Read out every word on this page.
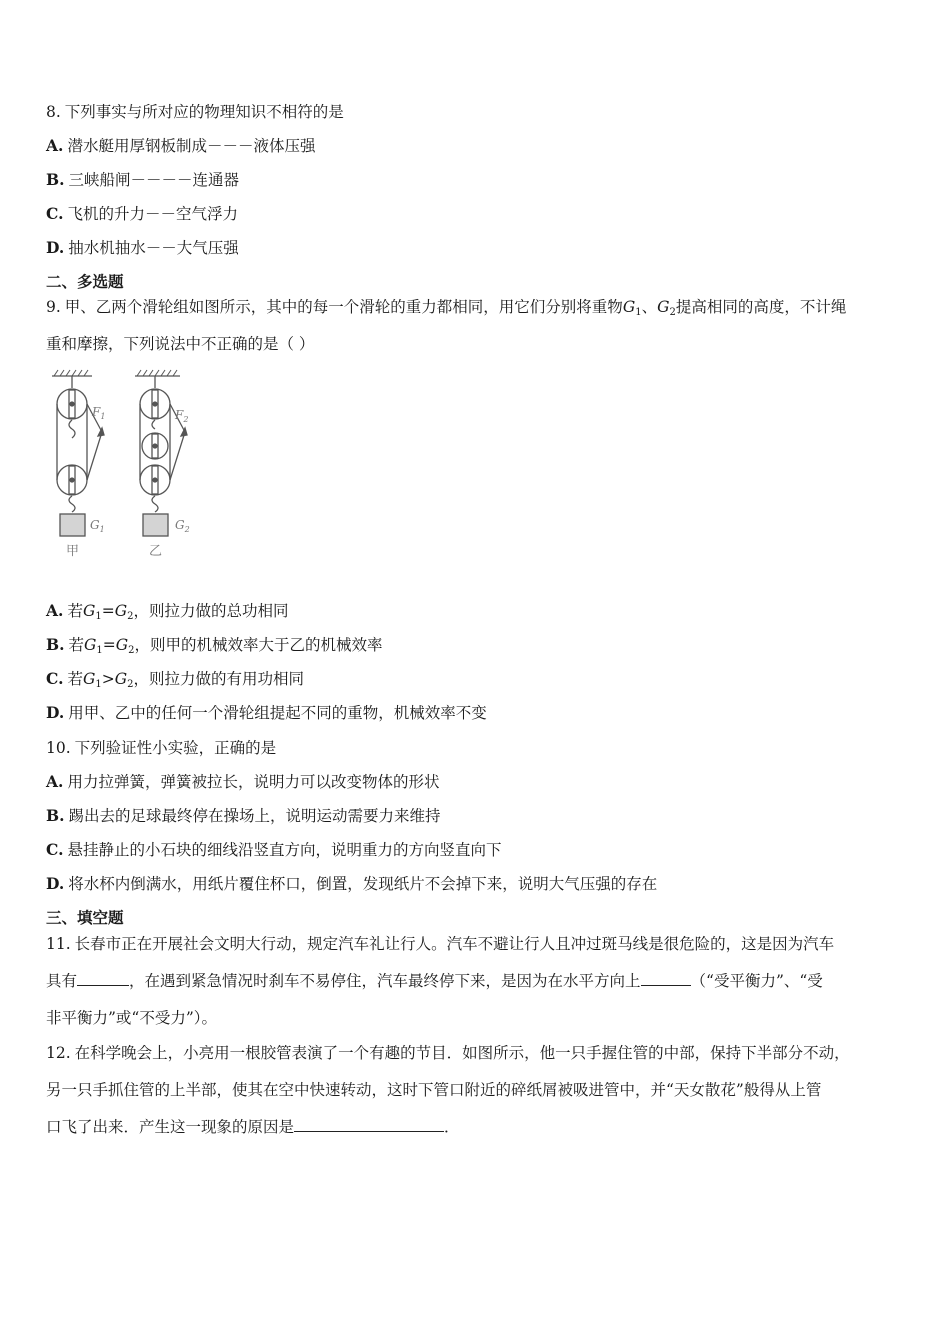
8. 下列事实与所对应的物理知识不相符的是
A. 潜水艇用厚钢板制成－－－液体压强
B. 三峡船闸－－－－连通器
C. 飞机的升力－－空气浮力
D. 抽水机抽水－－大气压强
二、多选题
9. 甲、乙两个滑轮组如图所示，其中的每一个滑轮的重力都相同，用它们分别将重物$G_1$、$G_2$提高相同的高度，不计绳
重和摩擦，下列说法中不正确的是（ ）
$F_1$	$F_2$
$G_1$	$G_2$
甲	乙
A. 若$G_1=G_2$，则拉力做的总功相同
B. 若$G_1=G_2$，则甲的机械效率大于乙的机械效率
C. 若$G_1>G_2$，则拉力做的有用功相同
D. 用甲、乙中的任何一个滑轮组提起不同的重物，机械效率不变
10. 下列验证性小实验，正确的是
A. 用力拉弹簧，弹簧被拉长，说明力可以改变物体的形状
B. 踢出去的足球最终停在操场上，说明运动需要力来维持
C. 悬挂静止的小石块的细线沿竖直方向，说明重力的方向竖直向下
D. 将水杯内倒满水，用纸片覆住杯口，倒置，发现纸片不会掉下来，说明大气压强的存在
三、填空题
11. 长春市正在开展社会文明大行动，规定汽车礼让行人。汽车不避让行人且冲过斑马线是很危险的，这是因为汽车
具有	，在遇到紧急情况时刹车不易停住，汽车最终停下来，是因为在水平方向上	（“受平衡力”、“受
非平衡力”或“不受力”）。
12. 在科学晚会上，小亮用一根胶管表演了一个有趣的节目．如图所示，他一只手握住管的中部，保持下半部分不动，
另一只手抓住管的上半部，使其在空中快速转动，这时下管口附近的碎纸屑被吸进管中，并“天女散花”般得从上管
口飞了出来．产生这一现象的原因是	．
